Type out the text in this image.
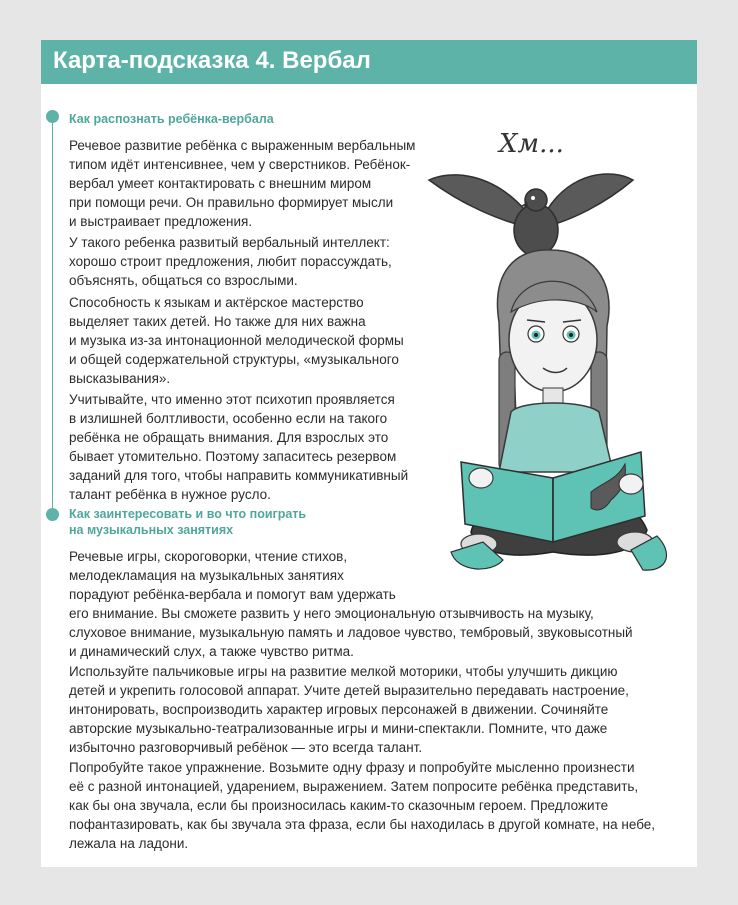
Карта-подсказка 4. Вербал
Как распознать ребёнка-вербала
Речевое развитие ребёнка с выраженным вербальным
типом идёт интенсивнее, чем у сверстников. Ребёнок-
вербал умеет контактировать с внешним миром
при помощи речи. Он правильно формирует мысли
и выстраивает предложения.
У такого ребенка развитый вербальный интеллект:
хорошо строит предложения, любит порассуждать,
объяснять, общаться со взрослыми.
Способность к языкам и актёрское мастерство
выделяет таких детей. Но также для них важна
и музыка из-за интонационной мелодической формы
и общей содержательной структуры, «музыкального
высказывания».
Учитывайте, что именно этот психотип проявляется
в излишней болтливости, особенно если на такого
ребёнка не обращать внимания. Для взрослых это
бывает утомительно. Поэтому запаситесь резервом
заданий для того, чтобы направить коммуникативный
талант ребёнка в нужное русло.
Как заинтересовать и во что поиграть
на музыкальных занятиях
Речевые игры, скороговорки, чтение стихов,
мелодекламация на музыкальных занятиях
порадуют ребёнка-вербала и помогут вам удержать
его внимание. Вы сможете развить у него эмоциональную отзывчивость на музыку,
слуховое внимание, музыкальную память и ладовое чувство, тембровый, звуковысотный
и динамический слух, а также чувство ритма.
Используйте пальчиковые игры на развитие мелкой моторики, чтобы улучшить дикцию
детей и укрепить голосовой аппарат. Учите детей выразительно передавать настроение,
интонировать, воспроизводить характер игровых персонажей в движении. Сочиняйте
авторские музыкально-театрализованные игры и мини-спектакли. Помните, что даже
избыточно разговорчивый ребёнок — это всегда талант.
Попробуйте такое упражнение. Возьмите одну фразу и попробуйте мысленно произнести
её с разной интонацией, ударением, выражением. Затем попросите ребёнка представить,
как бы она звучала, если бы произносилась каким-то сказочным героем. Предложите
пофантазировать, как бы звучала эта фраза, если бы находилась в другой комнате, на небе,
лежала на ладони.
Хм...
